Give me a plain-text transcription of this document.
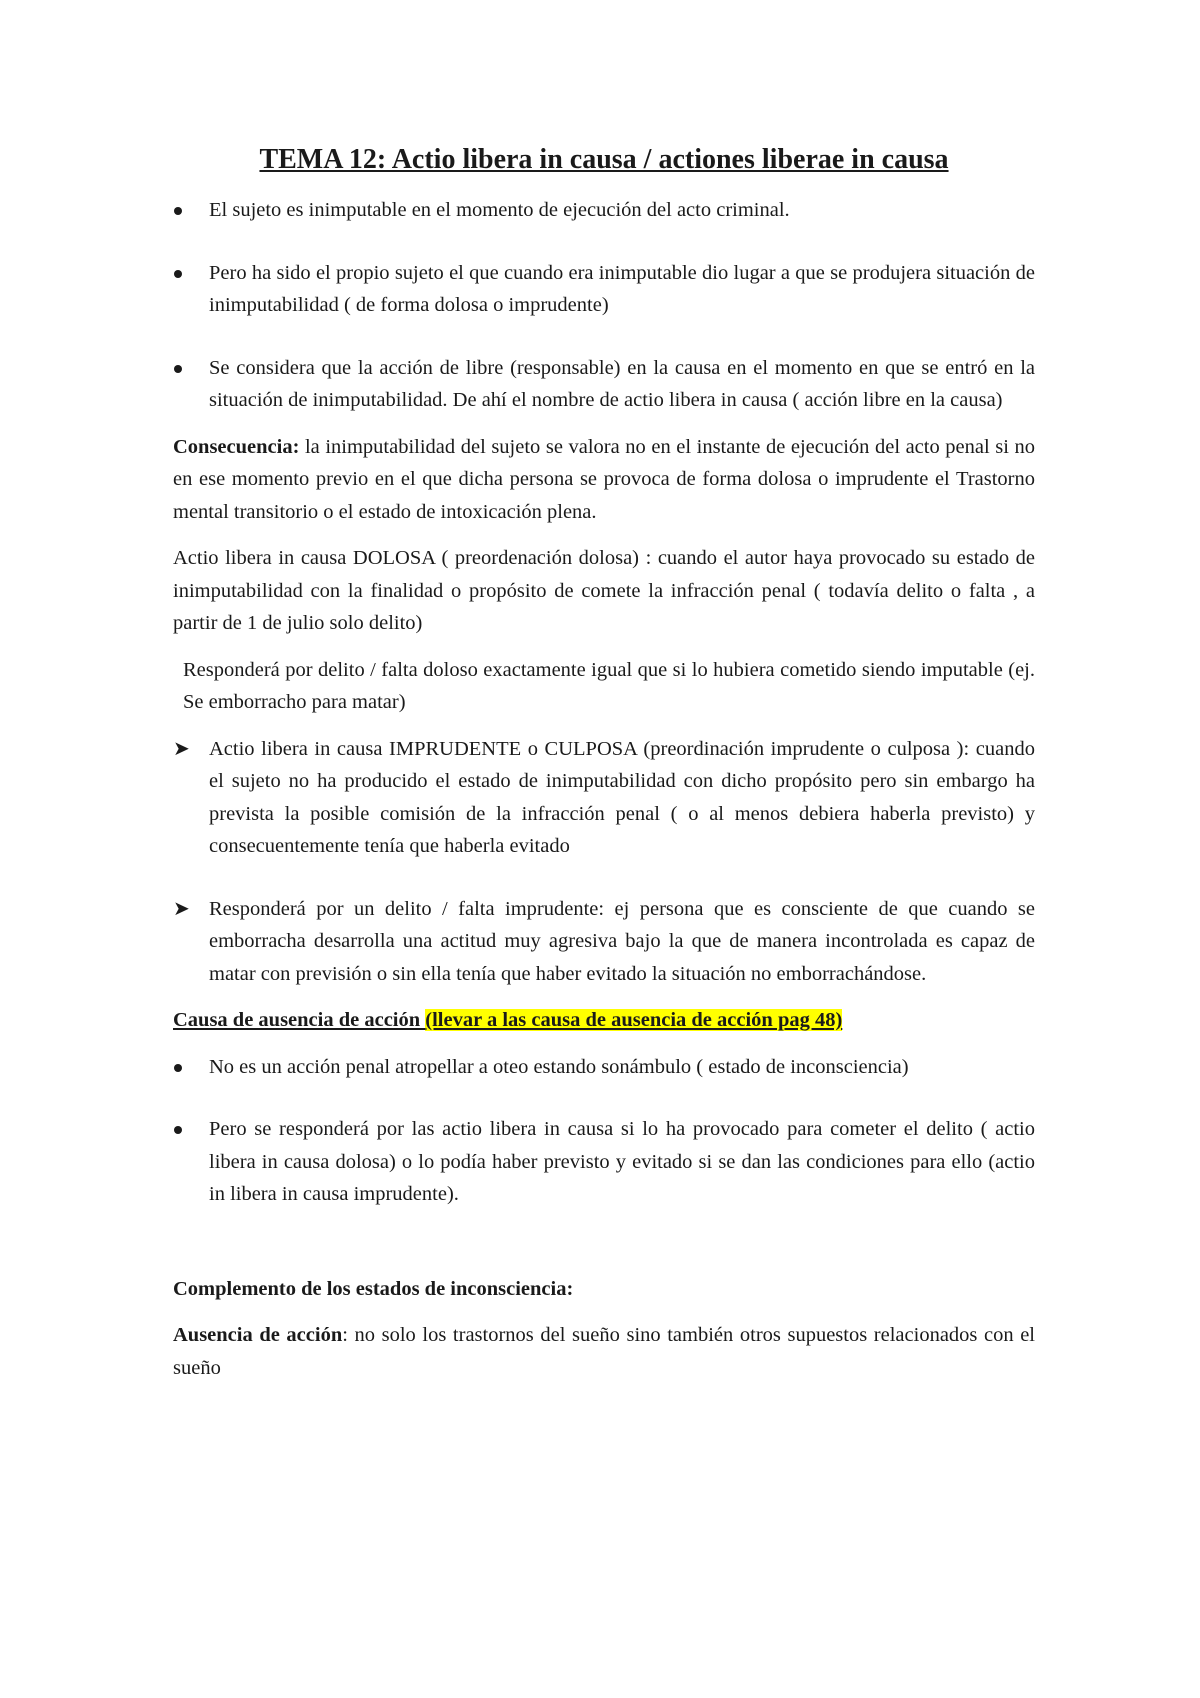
TEMA 12: Actio libera in causa / actiones liberae in causa
El sujeto es inimputable en el momento de ejecución del acto criminal.
Pero ha sido el propio sujeto el que cuando era inimputable dio lugar a que se produjera situación de inimputabilidad ( de forma dolosa o imprudente)
Se considera que la acción de libre (responsable) en la causa en el momento en que se entró en la situación de inimputabilidad. De ahí el nombre de actio libera in causa ( acción libre en la causa)

Consecuencia: la inimputabilidad del sujeto se valora no en el instante de ejecución del acto penal si no en ese momento previo en el que dicha persona se provoca de forma dolosa o imprudente el Trastorno mental transitorio o el estado de intoxicación plena.

Actio libera in causa DOLOSA ( preordenación dolosa) : cuando el autor haya provocado su estado de inimputabilidad con la finalidad o propósito de comete la infracción penal ( todavía delito o falta , a partir de 1 de julio solo delito)

Responderá por delito / falta doloso exactamente igual que si lo hubiera cometido siendo imputable (ej. Se emborracho para matar)

➤ Actio libera in causa IMPRUDENTE o CULPOSA (preordinación imprudente o culposa ): cuando el sujeto no ha producido el estado de inimputabilidad con dicho propósito pero sin embargo ha prevista la posible comisión de la infracción penal ( o al menos debiera haberla previsto) y consecuentemente tenía que haberla evitado
➤ Responderá por un delito / falta imprudente: ej persona que es consciente de que cuando se emborracha desarrolla una actitud muy agresiva bajo la que de manera incontrolada es capaz de matar con previsión o sin ella tenía que haber evitado la situación no emborrachándose.

Causa de ausencia de acción (llevar a las causa de ausencia de acción pag 48)

No es un acción penal atropellar a oteo estando sonámbulo ( estado de inconsciencia)
Pero se responderá por las actio libera in causa si lo ha provocado para cometer el delito ( actio libera in causa dolosa) o lo podía haber previsto y evitado si se dan las condiciones para ello (actio in libera in causa imprudente).

Complemento de los estados de inconsciencia:

Ausencia de acción: no solo los trastornos del sueño sino también otros supuestos relacionados con el sueño
